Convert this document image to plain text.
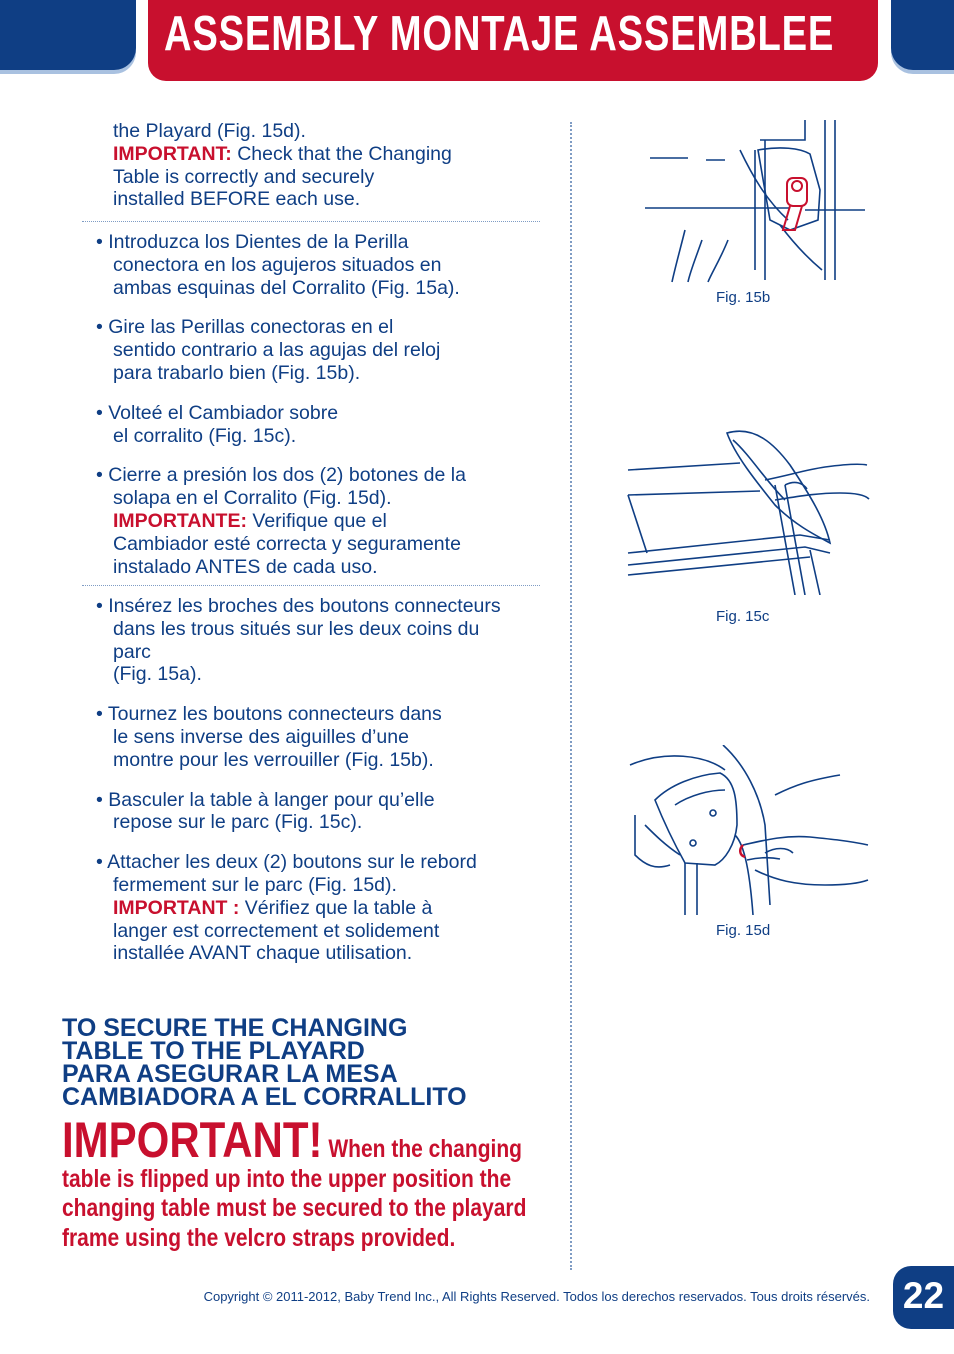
ASSEMBLY MONTAJE ASSEMBLEE

the Playard (Fig. 15d).

IMPORTANT: Check that the Changing

Table is correctly and securely

installed BEFORE each use.

• Introduzca los Dientes de la Perilla

conectora en los agujeros situados en

ambas esquinas del Corralito (Fig. 15a).

• Gire las Perillas conectoras en el

sentido contrario a las agujas del reloj

para trabarlo bien (Fig. 15b).

• Volteé el Cambiador sobre

el corralito (Fig. 15c).

• Cierre a presión los dos (2) botones de la

solapa en el Corralito (Fig. 15d).

IMPORTANTE: Verifique que el

Cambiador esté correcta y seguramente

instalado ANTES de cada uso.

• Insérez les broches des boutons connecteurs

dans les trous situés sur les deux coins du

parc

(Fig. 15a).

• Tournez les boutons connecteurs dans

le sens inverse des aiguilles d’une

montre pour les verrouiller (Fig. 15b).

• Basculer la table à langer pour qu’elle

repose sur le parc (Fig. 15c).

• Attacher les deux (2) boutons sur le rebord

fermement sur le parc (Fig. 15d).

IMPORTANT : Vérifiez que la table à

langer est correctement et solidement

installée AVANT chaque utilisation.

Fig. 15b
Fig. 15c
Fig. 15d
TO SECURE THE CHANGING
TABLE TO THE PLAYARD
PARA ASEGURAR LA MESA
CAMBIADORA A EL CORRALLITO
IMPORTANT! When the changing
table is flipped up into the upper position the
changing table must be secured to the playard
frame using the velcro straps provided.
Copyright © 2011-2012, Baby Trend Inc., All Rights Reserved. Todos los derechos reservados. Tous droits réservés. 22
